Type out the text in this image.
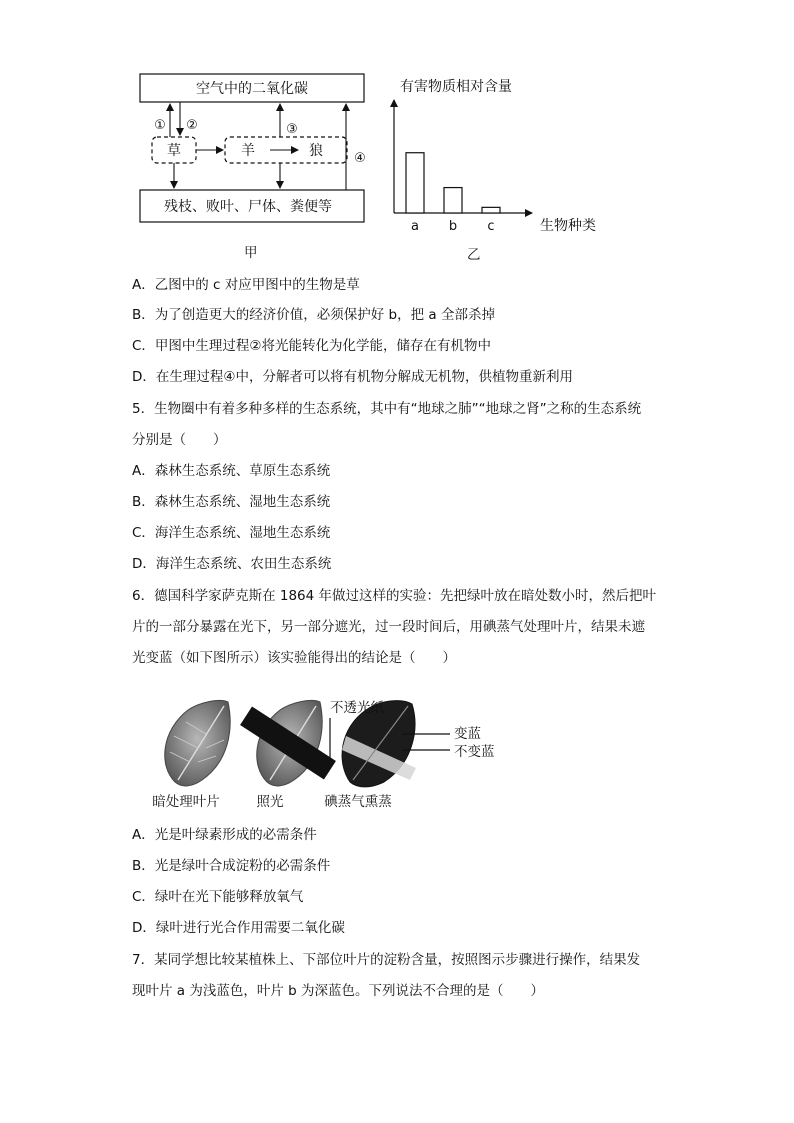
空气中的二氧化碳
残枝、败叶、尸体、粪便等
草	羊	狼
① ②	③
④
甲
有害物质相对含量
生物种类
a b c
乙
A．乙图中的 c 对应甲图中的生物是草
B．为了创造更大的经济价值，必须保护好 b，把 a 全部杀掉
C．甲图中生理过程②将光能转化为化学能，储存在有机物中
D．在生理过程④中，分解者可以将有机物分解成无机物，供植物重新利用
5．生物圈中有着多种多样的生态系统，其中有“地球之肺”“地球之肾”之称的生态系统
分别是（　　）
A．森林生态系统、草原生态系统
B．森林生态系统、湿地生态系统
C．海洋生态系统、湿地生态系统
D．海洋生态系统、农田生态系统
6．德国科学家萨克斯在 1864 年做过这样的实验：先把绿叶放在暗处数小时，然后把叶
片的一部分暴露在光下，另一部分遮光，过一段时间后，用碘蒸气处理叶片，结果未遮
光变蓝（如下图所示）该实验能得出的结论是（　　）
不透光纸
变蓝
不变蓝
暗处理叶片	照光	碘蒸气熏蒸
A．光是叶绿素形成的必需条件
B．光是绿叶合成淀粉的必需条件
C．绿叶在光下能够释放氧气
D．绿叶进行光合作用需要二氧化碳
7．某同学想比较某植株上、下部位叶片的淀粉含量，按照图示步骤进行操作，结果发
现叶片 a 为浅蓝色，叶片 b 为深蓝色。下列说法不合理的是（　　）
